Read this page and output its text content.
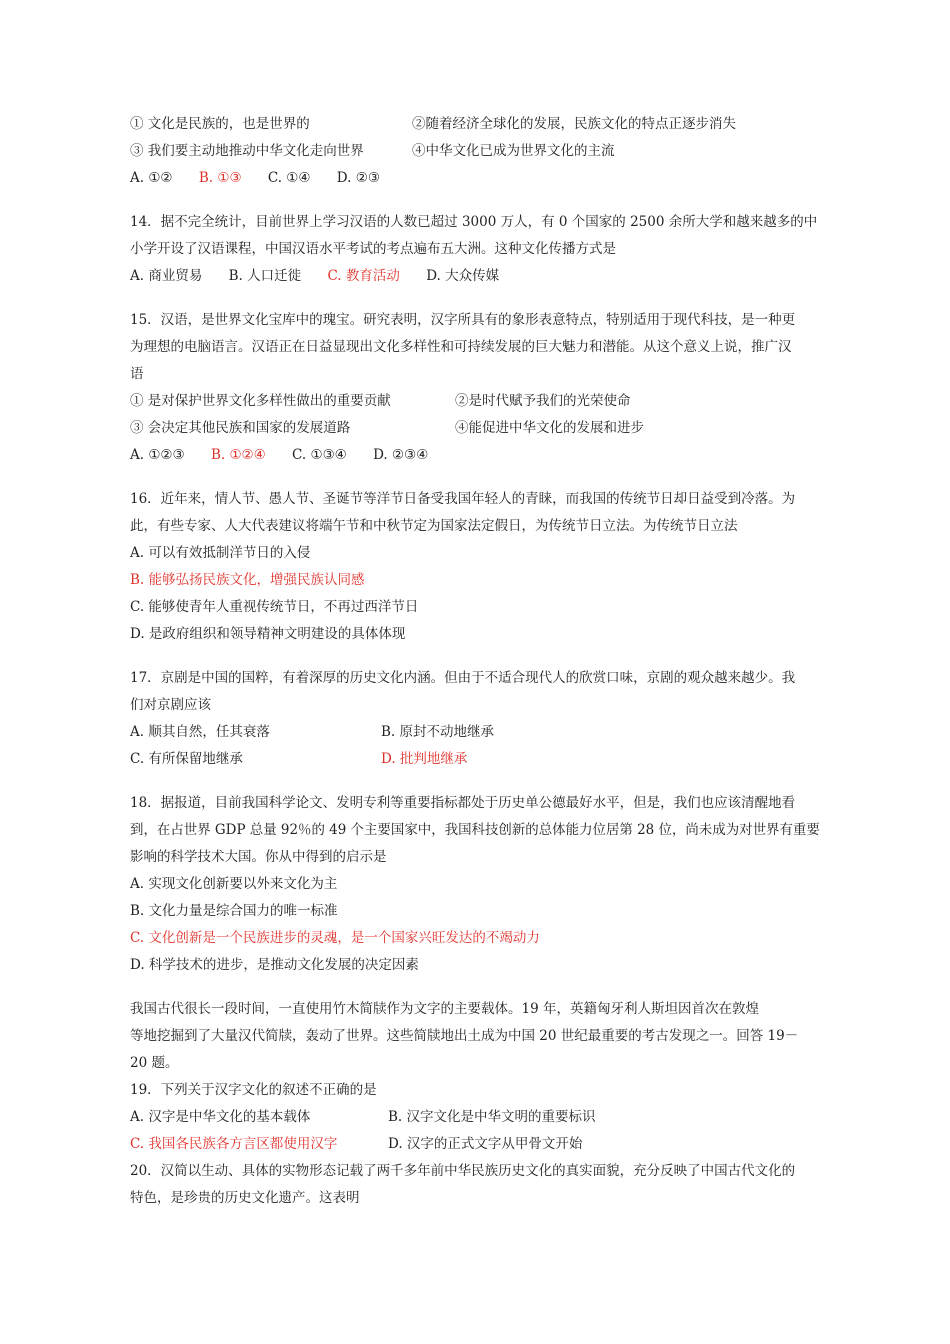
① 文化是民族的，也是世界的	②随着经济全球化的发展，民族文化的特点正逐步消失
③ 我们要主动地推动中华文化走向世界	④中华文化已成为世界文化的主流
A. ①② B. ①③ C. ①④ D. ②③
14．据不完全统计，目前世界上学习汉语的人数已超过 3000 万人，有 0 个国家的 2500 余所大学和越来越多的中
小学开设了汉语课程，中国汉语水平考试的考点遍布五大洲。这种文化传播方式是
A. 商业贸易 B. 人口迁徙 C. 教育活动 D. 大众传媒
15．汉语，是世界文化宝库中的瑰宝。研究表明，汉字所具有的象形表意特点，特别适用于现代科技，是一种更
为理想的电脑语言。汉语正在日益显现出文化多样性和可持续发展的巨大魅力和潜能。从这个意义上说，推广汉
语
① 是对保护世界文化多样性做出的重要贡献	②是时代赋予我们的光荣使命
③ 会决定其他民族和国家的发展道路	④能促进中华文化的发展和进步
A. ①②③ B. ①②④ C. ①③④ D. ②③④
16．近年来，情人节、愚人节、圣诞节等洋节日备受我国年轻人的青睐，而我国的传统节日却日益受到冷落。为
此，有些专家、人大代表建议将端午节和中秋节定为国家法定假日，为传统节日立法。为传统节日立法
A. 可以有效抵制洋节日的入侵
B. 能够弘扬民族文化，增强民族认同感
C. 能够使青年人重视传统节日，不再过西洋节日
D. 是政府组织和领导精神文明建设的具体体现
17．京剧是中国的国粹，有着深厚的历史文化内涵。但由于不适合现代人的欣赏口味，京剧的观众越来越少。我
们对京剧应该
A. 顺其自然，任其衰落	B. 原封不动地继承
C. 有所保留地继承	D. 批判地继承
18．据报道，目前我国科学论文、发明专利等重要指标都处于历史单公德最好水平，但是，我们也应该清醒地看
到，在占世界 GDP 总量 92％的 49 个主要国家中，我国科技创新的总体能力位居第 28 位，尚未成为对世界有重要
影响的科学技术大国。你从中得到的启示是
A. 实现文化创新要以外来文化为主
B. 文化力量是综合国力的唯一标准
C. 文化创新是一个民族进步的灵魂，是一个国家兴旺发达的不竭动力
D. 科学技术的进步，是推动文化发展的决定因素
我国古代很长一段时间，一直使用竹木简牍作为文字的主要载体。19 年，英籍匈牙利人斯坦因首次在敦煌
等地挖掘到了大量汉代简牍，轰动了世界。这些简牍地出土成为中国 20 世纪最重要的考古发现之一。回答 19－
20 题。
19．下列关于汉字文化的叙述不正确的是
A. 汉字是中华文化的基本载体	B. 汉字文化是中华文明的重要标识
C. 我国各民族各方言区都使用汉字	D. 汉字的正式文字从甲骨文开始
20．汉简以生动、具体的实物形态记载了两千多年前中华民族历史文化的真实面貌，充分反映了中国古代文化的
特色，是珍贵的历史文化遗产。这表明
